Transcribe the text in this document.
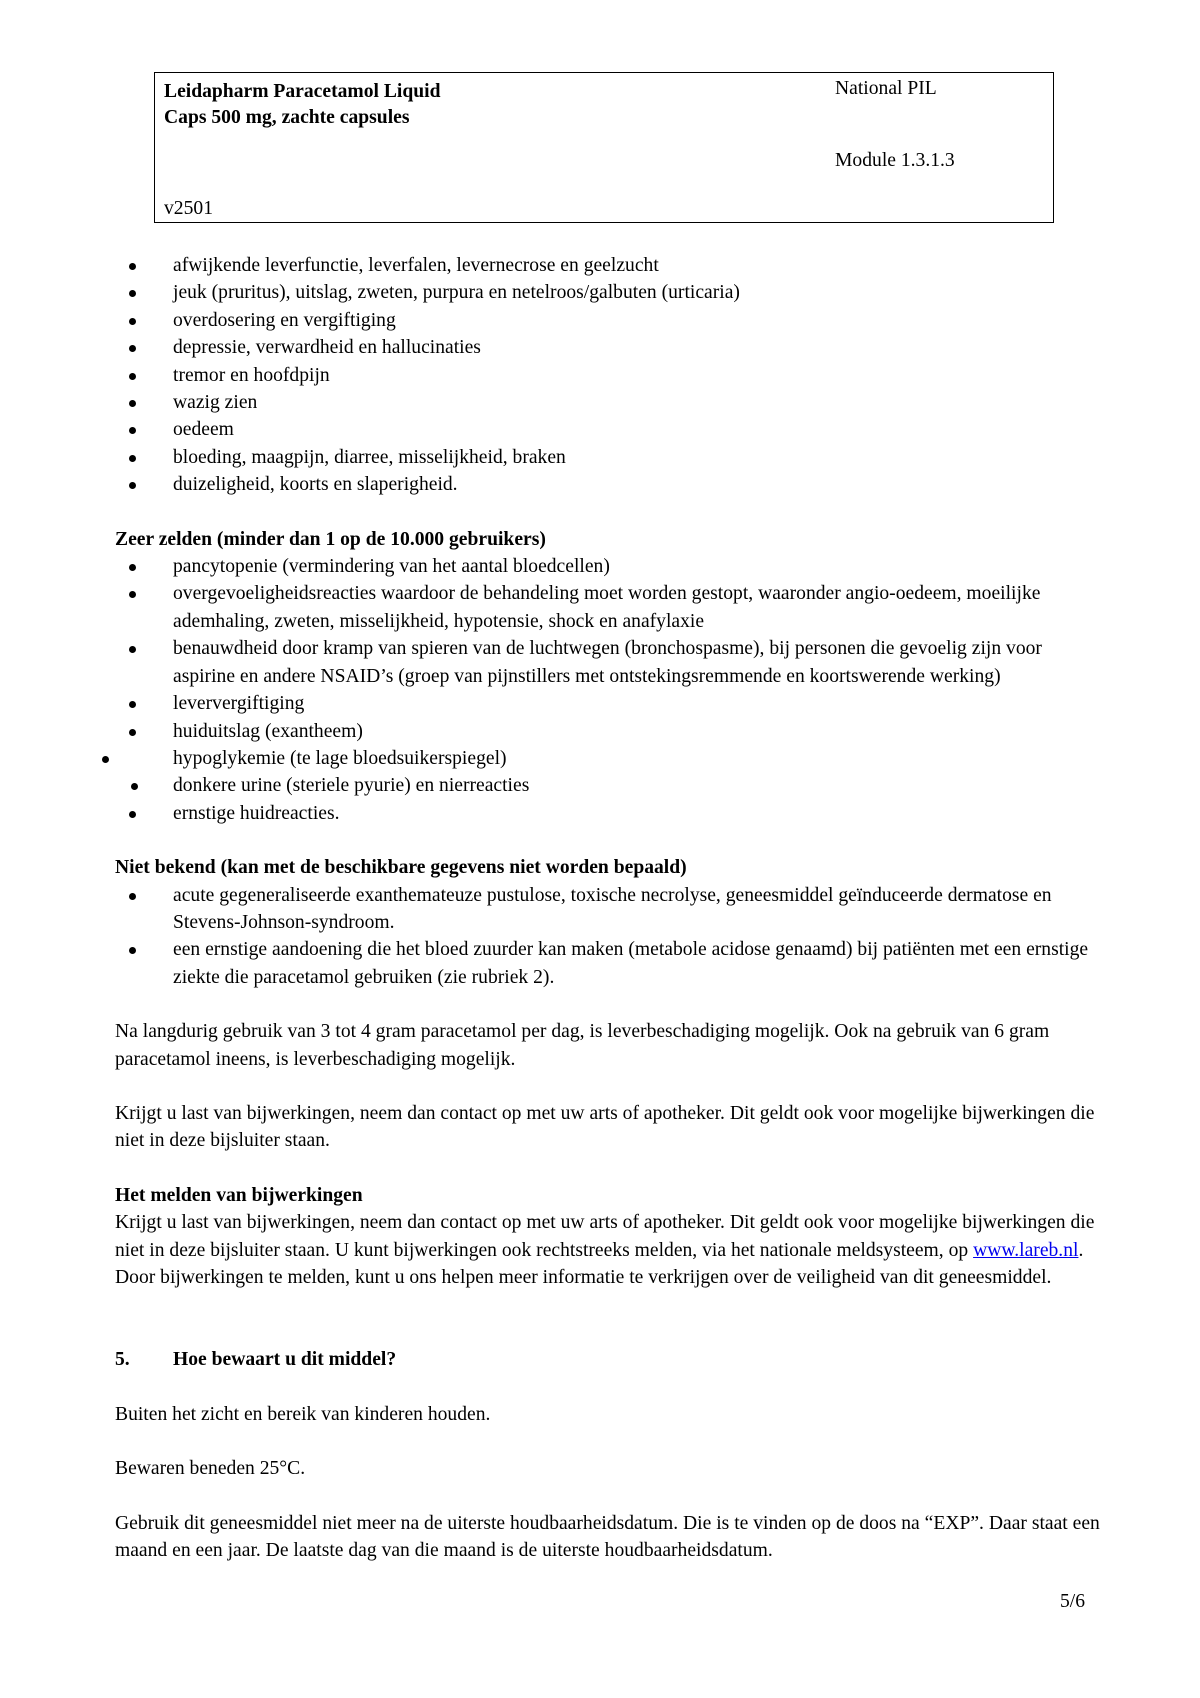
Leidapharm Paracetamol Liquid
Caps 500 mg, zachte capsules
National PIL
Module 1.3.1.3
v2501
afwijkende leverfunctie, leverfalen, levernecrose en geelzucht
jeuk (pruritus), uitslag, zweten, purpura en netelroos/galbuten (urticaria)
overdosering en vergiftiging
depressie, verwardheid en hallucinaties
tremor en hoofdpijn
wazig zien
oedeem
bloeding, maagpijn, diarree, misselijkheid, braken
duizeligheid, koorts en slaperigheid.

Zeer zelden (minder dan 1 op de 10.000 gebruikers)

pancytopenie (vermindering van het aantal bloedcellen)
overgevoeligheidsreacties waardoor de behandeling moet worden gestopt, waaronder angio-oedeem, moeilijke ademhaling, zweten, misselijkheid, hypotensie, shock en anafylaxie
benauwdheid door kramp van spieren van de luchtwegen (bronchospasme), bij personen die gevoelig zijn voor aspirine en andere NSAID’s (groep van pijnstillers met ontstekingsremmende en koortswerende werking)
leververgiftiging
huiduitslag (exantheem)
hypoglykemie (te lage bloedsuikerspiegel)
donkere urine (steriele pyurie) en nierreacties
ernstige huidreacties.

Niet bekend (kan met de beschikbare gegevens niet worden bepaald)

acute gegeneraliseerde exanthemateuze pustulose, toxische necrolyse, geneesmiddel geïnduceerde dermatose en Stevens-Johnson-syndroom.
een ernstige aandoening die het bloed zuurder kan maken (metabole acidose genaamd) bij patiënten met een ernstige ziekte die paracetamol gebruiken (zie rubriek 2).

Na langdurig gebruik van 3 tot 4 gram paracetamol per dag, is leverbeschadiging mogelijk. Ook na gebruik van 6 gram paracetamol ineens, is leverbeschadiging mogelijk.

Krijgt u last van bijwerkingen, neem dan contact op met uw arts of apotheker. Dit geldt ook voor mogelijke bijwerkingen die niet in deze bijsluiter staan.

Het melden van bijwerkingen

Krijgt u last van bijwerkingen, neem dan contact op met uw arts of apotheker. Dit geldt ook voor mogelijke bijwerkingen die niet in deze bijsluiter staan. U kunt bijwerkingen ook rechtstreeks melden, via het nationale meldsysteem, op www.lareb.nl. Door bijwerkingen te melden, kunt u ons helpen meer informatie te verkrijgen over de veiligheid van dit geneesmiddel.

5. Hoe bewaart u dit middel?

Buiten het zicht en bereik van kinderen houden.

Bewaren beneden 25°C.

Gebruik dit geneesmiddel niet meer na de uiterste houdbaarheidsdatum. Die is te vinden op de doos na “EXP”. Daar staat een maand en een jaar. De laatste dag van die maand is de uiterste houdbaarheidsdatum.

5/6
